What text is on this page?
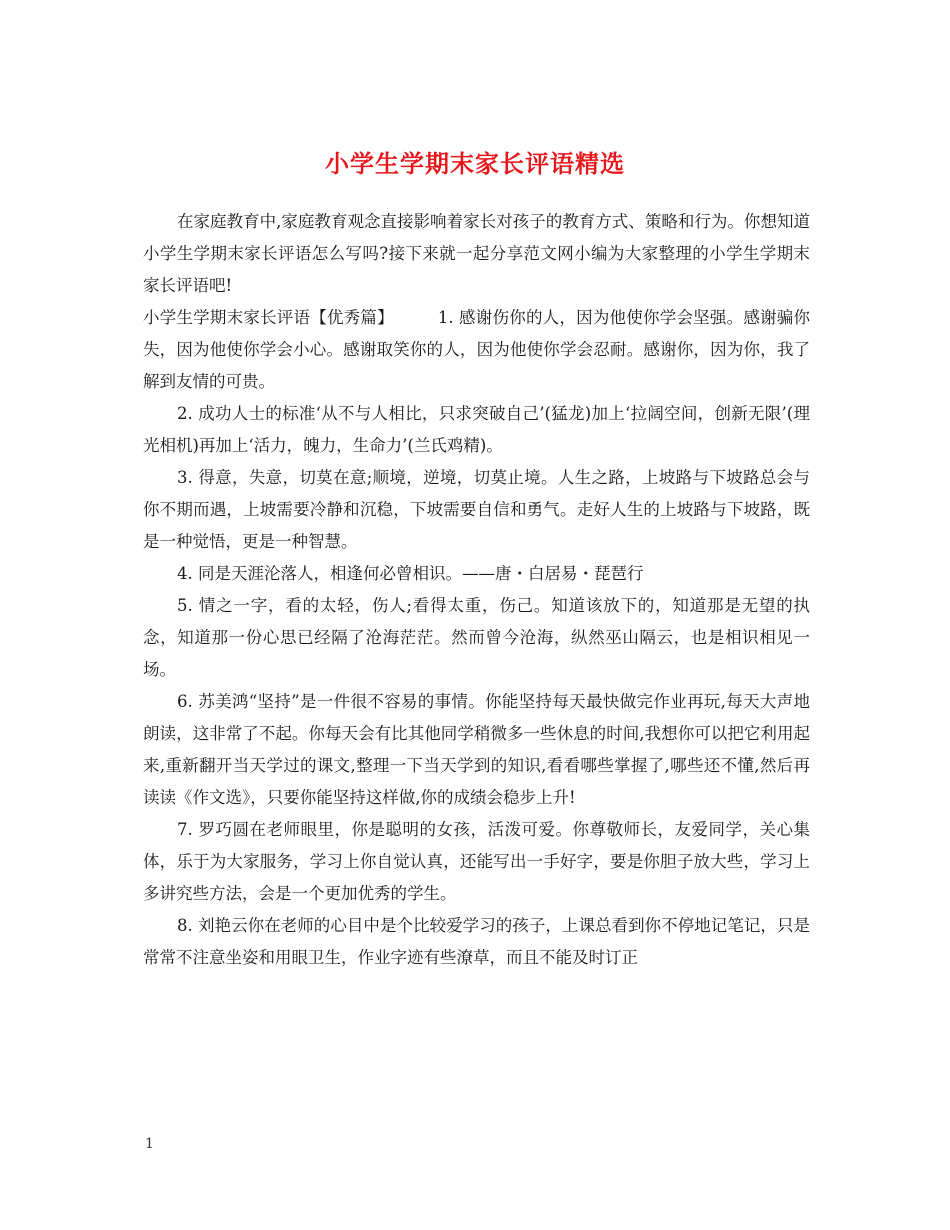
小学生学期末家长评语精选

在家庭教育中,家庭教育观念直接影响着家长对孩子的教育方式、策略和行为。你想知道小学生学期末家长评语怎么写吗?接下来就一起分享范文网小编为大家整理的小学生学期末家长评语吧!

小学生学期末家长评语【优秀篇】	1. 感谢伤你的人，因为他使你学会坚强。感谢骗你失，因为他使你学会小心。感谢取笑你的人，因为他使你学会忍耐。感谢你，因为你，我了解到友情的可贵。

2. 成功人士的标准‘从不与人相比，只求突破自己’(猛龙)加上‘拉阔空间，创新无限’(理光相机)再加上‘活力，魄力，生命力’(兰氏鸡精)。

3. 得意，失意，切莫在意;顺境，逆境，切莫止境。人生之路，上坡路与下坡路总会与你不期而遇，上坡需要冷静和沉稳，下坡需要自信和勇气。走好人生的上坡路与下坡路，既是一种觉悟，更是一种智慧。

4. 同是天涯沦落人，相逢何必曾相识。——唐・白居易・琵琶行

5. 情之一字，看的太轻，伤人;看得太重，伤己。知道该放下的，知道那是无望的执念，知道那一份心思已经隔了沧海茫茫。然而曾今沧海，纵然巫山隔云，也是相识相见一场。

6. 苏美鸿“坚持”是一件很不容易的事情。你能坚持每天最快做完作业再玩,每天大声地朗读，这非常了不起。你每天会有比其他同学稍微多一些休息的时间,我想你可以把它利用起来,重新翻开当天学过的课文,整理一下当天学到的知识,看看哪些掌握了,哪些还不懂,然后再读读《作文选》，只要你能坚持这样做,你的成绩会稳步上升!

7. 罗巧圆在老师眼里，你是聪明的女孩，活泼可爱。你尊敬师长，友爱同学，关心集体，乐于为大家服务，学习上你自觉认真，还能写出一手好字，要是你胆子放大些，学习上多讲究些方法，会是一个更加优秀的学生。

8. 刘艳云你在老师的心目中是个比较爱学习的孩子，上课总看到你不停地记笔记，只是常常不注意坐姿和用眼卫生，作业字迹有些潦草，而且不能及时订正

1
